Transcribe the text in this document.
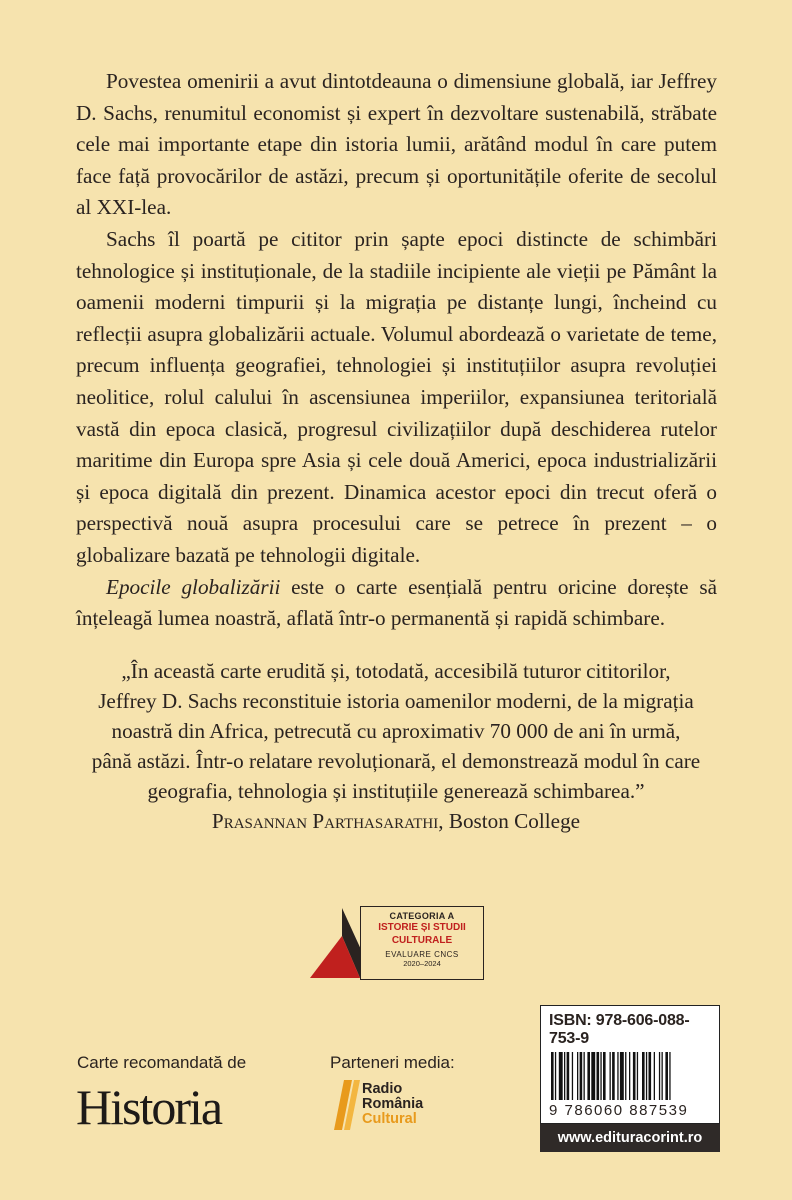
Povestea omenirii a avut dintotdeauna o dimensiune globală, iar Jeffrey D. Sachs, renumitul economist și expert în dezvoltare sustenabilă, străbate cele mai importante etape din istoria lumii, arătând modul în care putem face față provocărilor de astăzi, precum și oportunitățile oferite de secolul al XXI-lea.

Sachs îl poartă pe cititor prin șapte epoci distincte de schimbări tehnologice și instituționale, de la stadiile incipiente ale vieții pe Pământ la oamenii moderni timpurii și la migrația pe distanțe lungi, încheind cu reflecții asupra globalizării actuale. Volumul abordează o varietate de teme, precum influența geografiei, tehnologiei și instituțiilor asupra revoluției neolitice, rolul calului în ascensiunea imperiilor, expansiunea teritorială vastă din epoca clasică, progresul civilizațiilor după deschiderea rutelor maritime din Europa spre Asia și cele două Americi, epoca industrializării și epoca digitală din prezent. Dinamica acestor epoci din trecut oferă o perspectivă nouă asupra procesului care se petrece în prezent – o globalizare bazată pe tehnologii digitale.

Epocile globalizării este o carte esențială pentru oricine dorește să înțeleagă lumea noastră, aflată într-o permanentă și rapidă schimbare.

„În această carte erudită și, totodată, accesibilă tuturor cititorilor,
Jeffrey D. Sachs reconstituie istoria oamenilor moderni, de la migrația
noastră din Africa, petrecută cu aproximativ 70 000 de ani în urmă,
până astăzi. Într-o relatare revoluționară, el demonstrează modul în care
geografia, tehnologia și instituțiile generează schimbarea.”
Prasannan Parthasarathi, Boston College
CATEGORIA A
ISTORIE ȘI STUDII
CULTURALE
EVALUARE CNCS
2020–2024
Carte recomandată de
Historia
Parteneri media:
Radio
România
Cultural
ISBN: 978-606-088-753-9
9 786060 887539
www.edituracorint.ro
